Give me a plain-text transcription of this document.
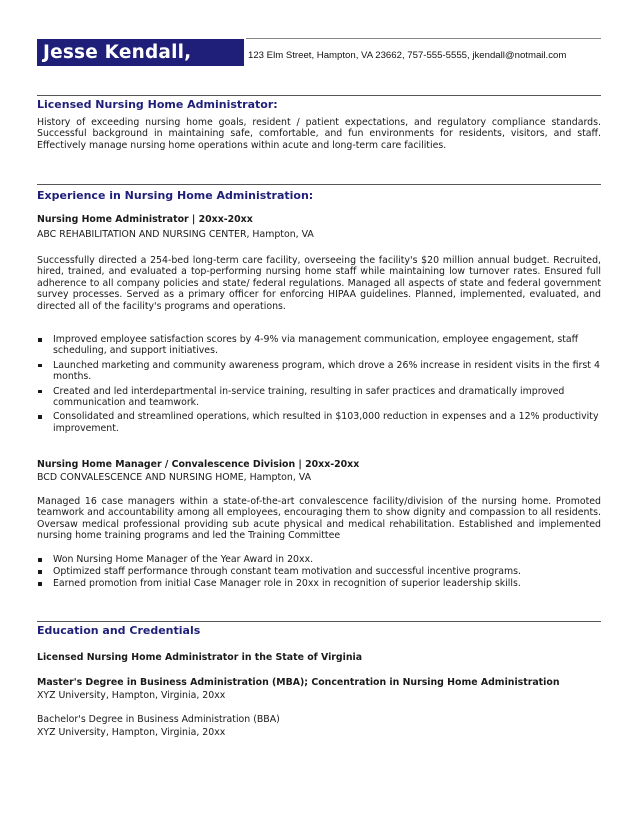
Jesse Kendall, MBA
123 Elm Street, Hampton, VA 23662, 757-555-5555, jkendall@notmail.com
Licensed Nursing Home Administrator:
History of exceeding nursing home goals, resident / patient expectations, and regulatory compliance standards. Successful background in maintaining safe, comfortable, and fun environments for residents, visitors, and staff. Effectively manage nursing home operations within acute and long-term care facilities.
Experience in Nursing Home Administration:
Nursing Home Administrator | 20xx-20xx
ABC REHABILITATION AND NURSING CENTER, Hampton, VA
Successfully directed a 254-bed long-term care facility, overseeing the facility's $20 million annual budget. Recruited, hired, trained, and evaluated a top-performing nursing home staff while maintaining low turnover rates. Ensured full adherence to all company policies and state/ federal regulations. Managed all aspects of state and federal government survey processes. Served as a primary officer for enforcing HIPAA guidelines. Planned, implemented, evaluated, and directed all of the facility's programs and operations.
Improved employee satisfaction scores by 4-9% via management communication, employee engagement, staff scheduling, and support initiatives.
Launched marketing and community awareness program, which drove a 26% increase in resident visits in the first 4 months.
Created and led interdepartmental in-service training, resulting in safer practices and dramatically improved communication and teamwork.
Consolidated and streamlined operations, which resulted in $103,000 reduction in expenses and a 12% productivity improvement.
Nursing Home Manager / Convalescence Division | 20xx-20xx
BCD CONVALESCENCE AND NURSING HOME, Hampton, VA
Managed 16 case managers within a state-of-the-art convalescence facility/division of the nursing home. Promoted teamwork and accountability among all employees, encouraging them to show dignity and compassion to all residents. Oversaw medical professional providing sub acute physical and medical rehabilitation. Established and implemented nursing home training programs and led the Training Committee
Won Nursing Home Manager of the Year Award in 20xx.
Optimized staff performance through constant team motivation and successful incentive programs.
Earned promotion from initial Case Manager role in 20xx in recognition of superior leadership skills.
Education and Credentials
Licensed Nursing Home Administrator in the State of Virginia
Master's Degree in Business Administration (MBA); Concentration in Nursing Home Administration
XYZ University, Hampton, Virginia, 20xx
Bachelor's Degree in Business Administration (BBA)
XYZ University, Hampton, Virginia, 20xx
